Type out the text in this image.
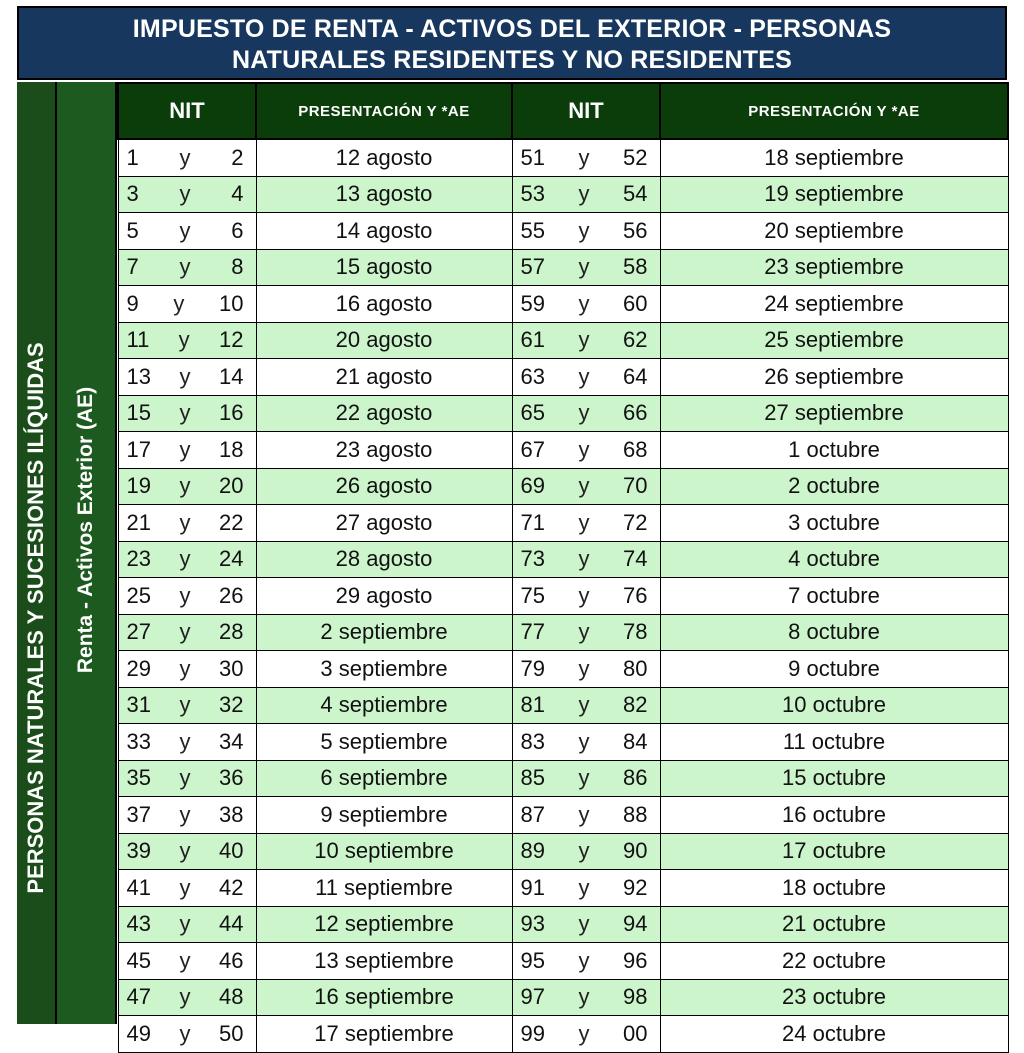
IMPUESTO DE RENTA - ACTIVOS DEL EXTERIOR - PERSONAS
NATURALES RESIDENTES Y NO RESIDENTES
PERSONAS NATURALES Y SUCESIONES ILÍQUIDAS Renta - Activos Exterior (AE)
NIT	PRESENTACIÓN Y *AE	NIT	PRESENTACIÓN Y *AE

1 y 2	12 agosto	51 y 52	18 septiembre

3 y 4	13 agosto	53 y 54	19 septiembre

5 y 6	14 agosto	55 y 56	20 septiembre

7 y 8	15 agosto	57 y 58	23 septiembre

9 y 10	16 agosto	59 y 60	24 septiembre

11 y 12	20 agosto	61 y 62	25 septiembre

13 y 14	21 agosto	63 y 64	26 septiembre

15 y 16	22 agosto	65 y 66	27 septiembre

17 y 18	23 agosto	67 y 68	1 octubre

19 y 20	26 agosto	69 y 70	2 octubre

21 y 22	27 agosto	71 y 72	3 octubre

23 y 24	28 agosto	73 y 74	4 octubre

25 y 26	29 agosto	75 y 76	7 octubre

27 y 28	2 septiembre	77 y 78	8 octubre

29 y 30	3 septiembre	79 y 80	9 octubre

31 y 32	4 septiembre	81 y 82	10 octubre

33 y 34	5 septiembre	83 y 84	11 octubre

35 y 36	6 septiembre	85 y 86	15 octubre

37 y 38	9 septiembre	87 y 88	16 octubre

39 y 40	10 septiembre	89 y 90	17 octubre

41 y 42	11 septiembre	91 y 92	18 octubre

43 y 44	12 septiembre	93 y 94	21 octubre

45 y 46	13 septiembre	95 y 96	22 octubre

47 y 48	16 septiembre	97 y 98	23 octubre

49 y 50	17 septiembre	99 y 00	24 octubre
